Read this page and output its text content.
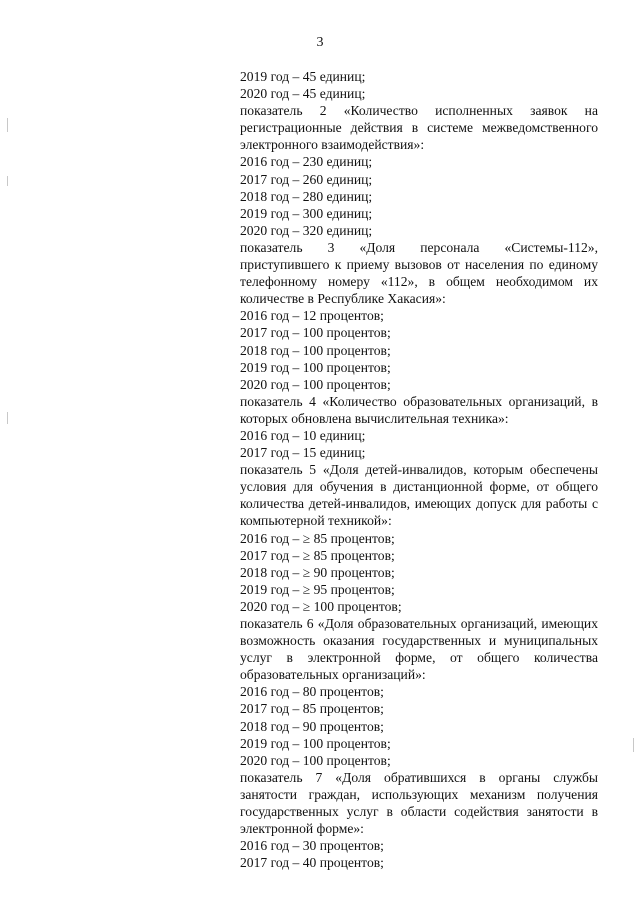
3
2019 год – 45 единиц;
2020 год – 45 единиц;
показатель 2 «Количество исполненных заявок на регистрационные действия в системе межведомственного электронного взаимодействия»:
2016 год – 230 единиц;
2017 год – 260 единиц;
2018 год – 280 единиц;
2019 год – 300 единиц;
2020 год – 320 единиц;
показатель 3 «Доля персонала «Системы-112», приступившего к приему вызовов от населения по единому телефонному номеру «112», в общем необходимом их количестве в Республике Хакасия»:
2016 год – 12 процентов;
2017 год – 100 процентов;
2018 год – 100 процентов;
2019 год – 100 процентов;
2020 год – 100 процентов;
показатель 4 «Количество образовательных организаций, в которых обновлена вычислительная техника»:
2016 год – 10 единиц;
2017 год – 15 единиц;
показатель 5 «Доля детей-инвалидов, которым обеспечены условия для обучения в дистанционной форме, от общего количества детей-инвалидов, имеющих допуск для работы с компьютерной техникой»:
2016 год – ≥ 85 процентов;
2017 год – ≥ 85 процентов;
2018 год – ≥ 90 процентов;
2019 год – ≥ 95 процентов;
2020 год – ≥ 100 процентов;
показатель 6 «Доля образовательных организаций, имеющих возможность оказания государственных и муниципальных услуг в электронной форме, от общего количества образовательных организаций»:
2016 год – 80 процентов;
2017 год – 85 процентов;
2018 год – 90 процентов;
2019 год – 100 процентов;
2020 год – 100 процентов;
показатель 7 «Доля обратившихся в органы службы занятости граждан, использующих механизм получения государственных услуг в области содействия занятости в электронной форме»:
2016 год – 30 процентов;
2017 год – 40 процентов;
